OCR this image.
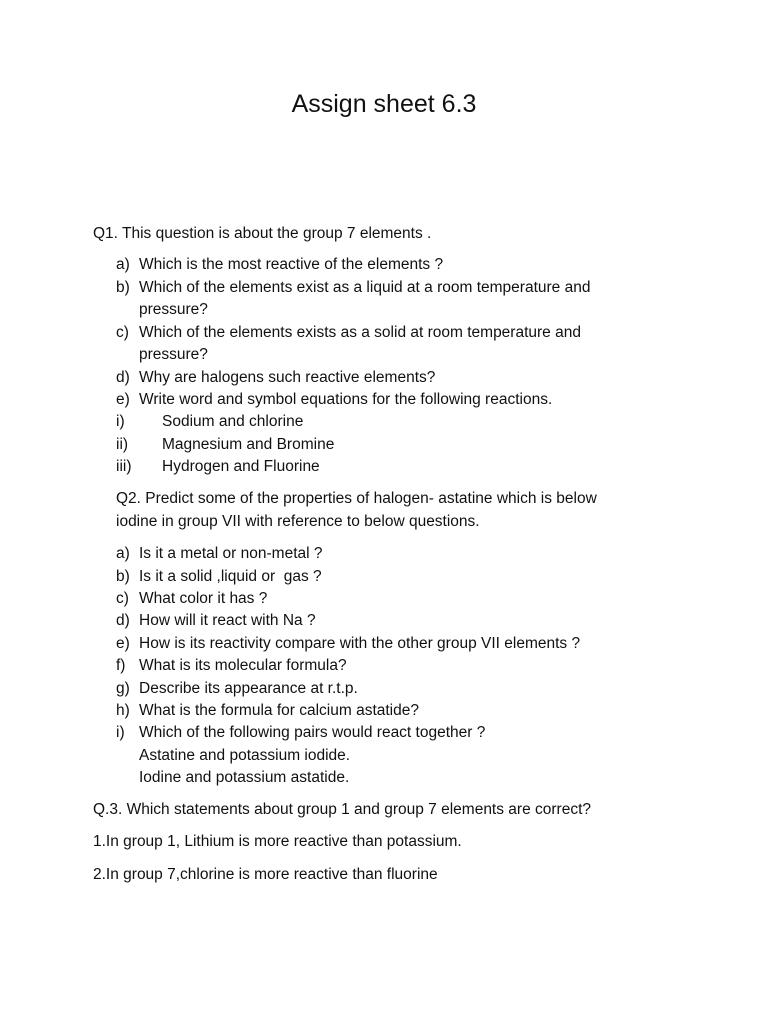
Assign sheet 6.3
Q1. This question is about the group 7 elements .
a) Which is the most reactive of the elements ?
b) Which of the elements exist as a liquid at a room temperature and
pressure?
c) Which of the elements exists as a solid at room temperature and
pressure?
d) Why are halogens such reactive elements?
e) Write word and symbol equations for the following reactions.
i) Sodium and chlorine
ii) Magnesium and Bromine
iii) Hydrogen and Fluorine
Q2. Predict some of the properties of halogen- astatine which is below
iodine in group VII with reference to below questions.
a) Is it a metal or non-metal ?
b) Is it a solid ,liquid or  gas ?
c) What color it has ?
d) How will it react with Na ?
e) How is its reactivity compare with the other group VII elements ?
f) What is its molecular formula?
g) Describe its appearance at r.t.p.
h) What is the formula for calcium astatide?
i) Which of the following pairs would react together ?
Astatine and potassium iodide.
Iodine and potassium astatide.
Q.3. Which statements about group 1 and group 7 elements are correct?
1.In group 1, Lithium is more reactive than potassium.
2.In group 7,chlorine is more reactive than fluorine
